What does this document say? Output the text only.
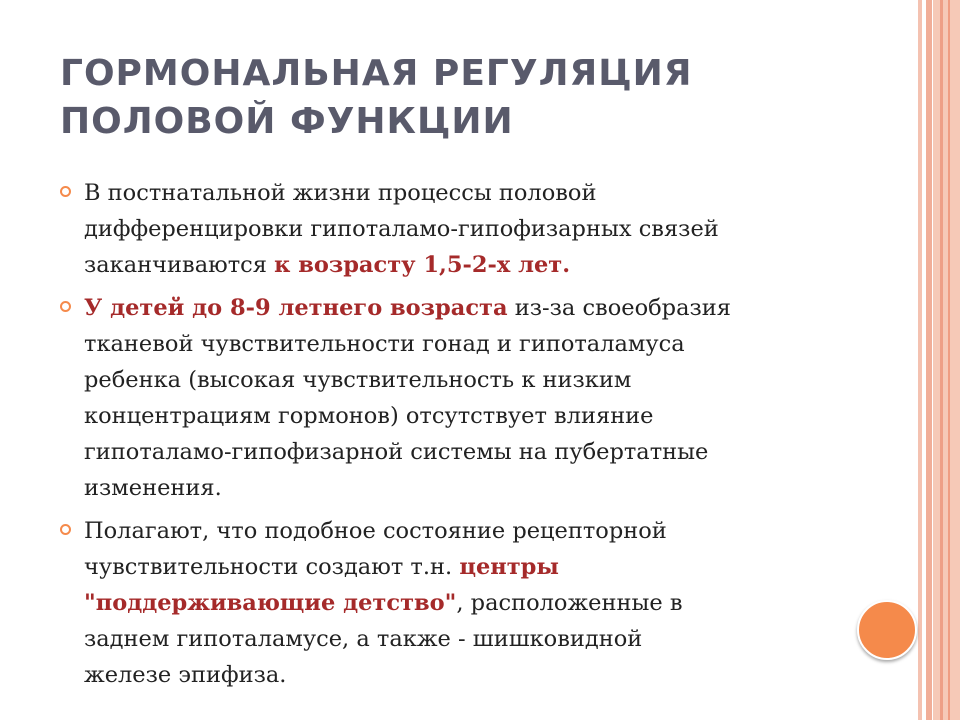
ГОРМОНАЛЬНАЯ РЕГУЛЯЦИЯ
ПОЛОВОЙ ФУНКЦИИ
В постнатальной жизни процессы половой
дифференцировки гипоталамо-гипофизарных связей
заканчиваются к возрасту 1,5-2-х лет.
У детей до 8-9 летнего возраста из-за своеобразия
тканевой чувствительности гонад и гипоталамуса
ребенка (высокая чувствительность к низким
концентрациям гормонов) отсутствует влияние
гипоталамо-гипофизарной системы на пубертатные
изменения.
Полагают, что подобное состояние рецепторной
чувствительности создают т.н. центры
"поддерживающие детство", расположенные в
заднем гипоталамусе, а также - шишковидной
железе эпифиза.
